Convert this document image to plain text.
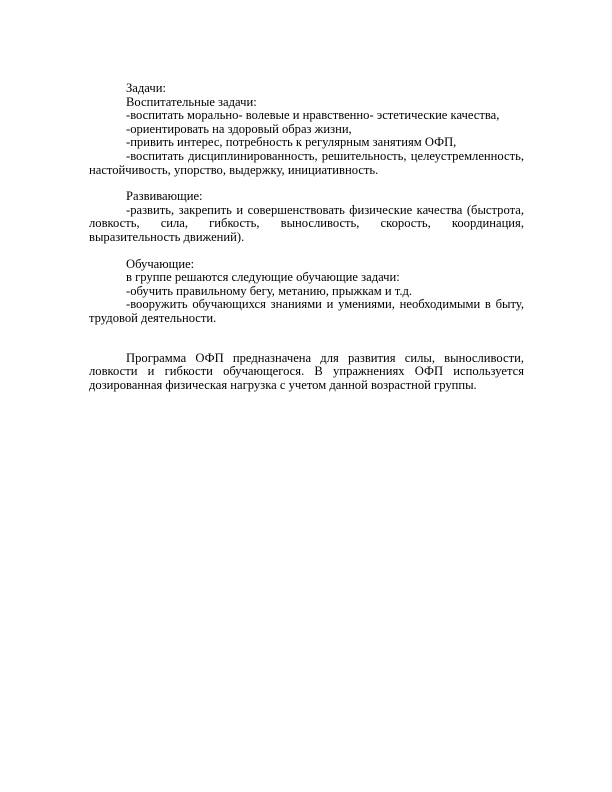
Задачи:

Воспитательные задачи:

-воспитать морально- волевые и нравственно- эстетические качества,

-ориентировать на здоровый образ жизни,

-привить интерес, потребность к регулярным занятиям ОФП,

-воспитать дисциплинированность, решительность, целеустремленность, настойчивость, упорство, выдержку, инициативность.

Развивающие:

-развить, закрепить и совершенствовать физические качества (быстрота, ловкость, сила, гибкость, выносливость, скорость, координация, выразительность движений).

Обучающие:

в группе решаются следующие обучающие задачи:

-обучить правильному бегу, метанию, прыжкам и т.д.

-вооружить обучающихся знаниями и умениями, необходимыми в быту, трудовой деятельности.

Программа ОФП предназначена для развития силы, выносливости, ловкости и гибкости обучающегося. В упражнениях ОФП используется дозированная физическая нагрузка с учетом данной возрастной группы.
